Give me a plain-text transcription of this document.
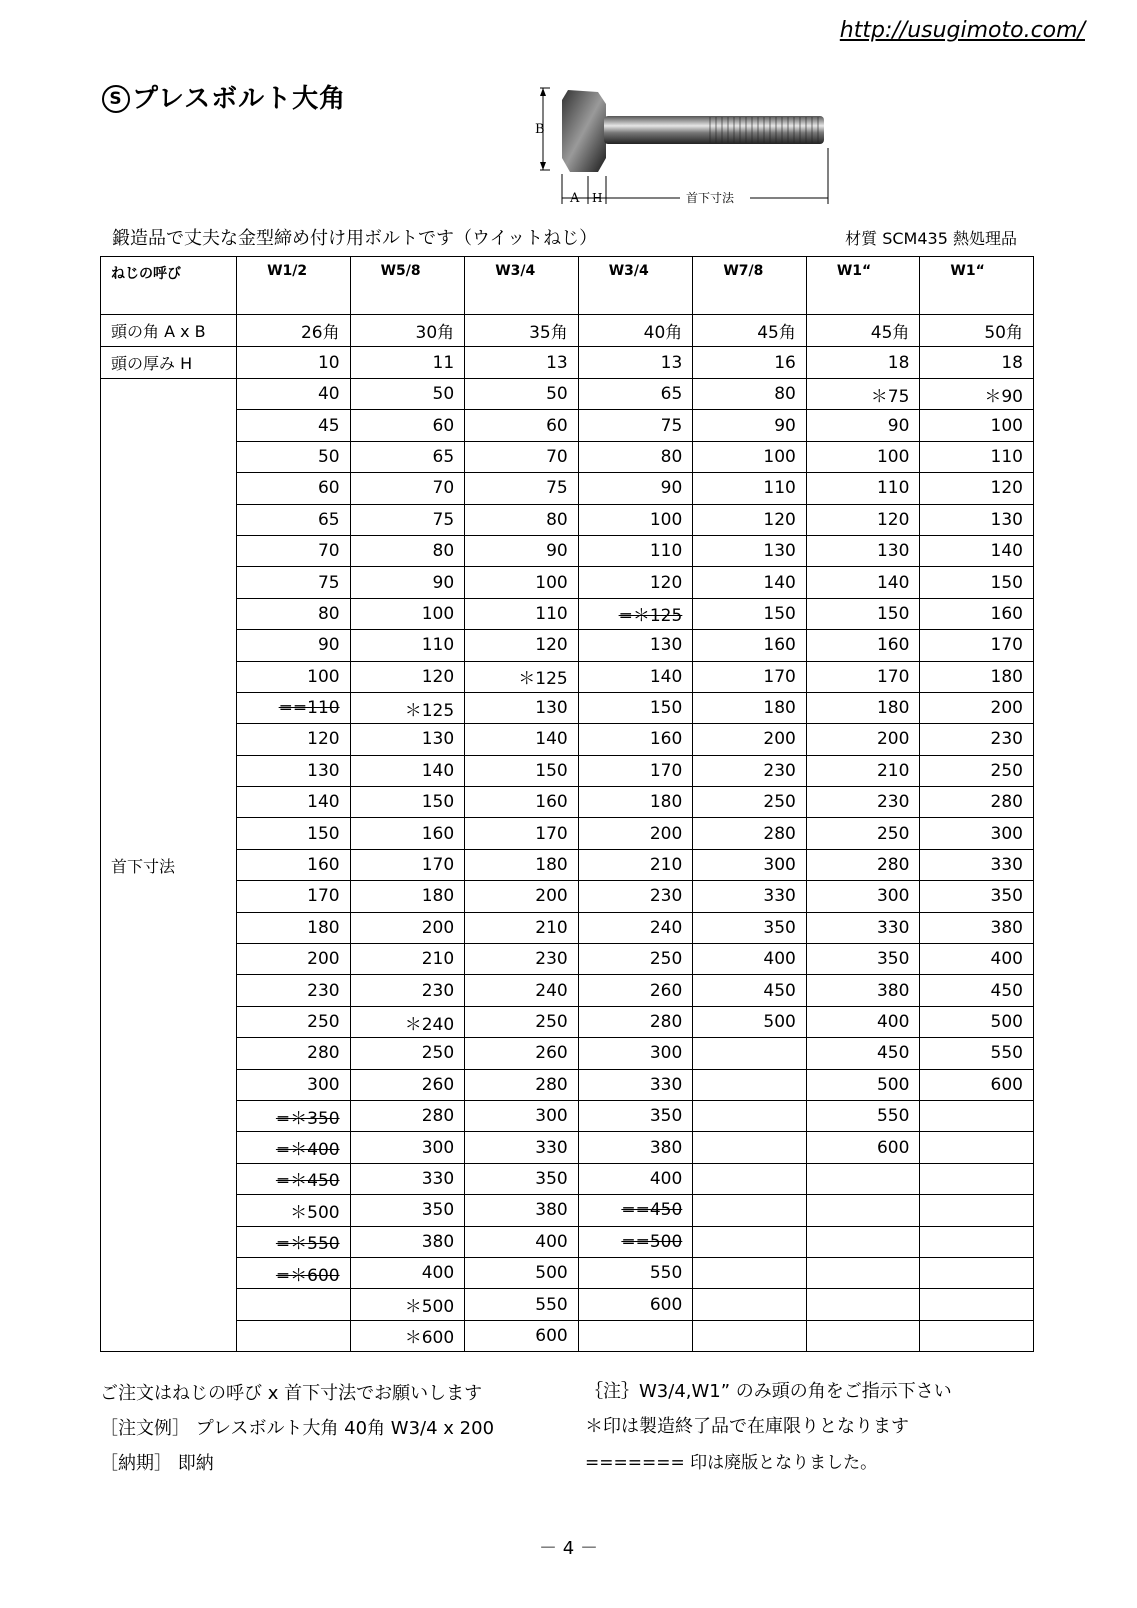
http://usugimoto.com/
S プレスボルト大角
B
A H	首下寸法
鍛造品で丈夫な金型締め付け用ボルトです（ウイットねじ）	材質 SCM435 熱処理品
ねじの呼び	W1/2	W5/8	W3/4	W3/4	W7/8	W1“	W1“
頭の角 A x B	26角	30角	35角	40角	45角	45角	50角
頭の厚み H	10	11	13	13	16	18	18
首下寸法	40	50	50	65	80	＊75	＊90
	45	60	60	75	90	90	100
	50	65	70	80	100	100	110
	60	70	75	90	110	110	120
	65	75	80	100	120	120	130
	70	80	90	110	130	130	140
	75	90	100	120	140	140	150
	80	100	110	=＊125	150	150	160
	90	110	120	130	160	160	170
	100	120	＊125	140	170	170	180
	==110	＊125	130	150	180	180	200
	120	130	140	160	200	200	230
	130	140	150	170	230	210	250
	140	150	160	180	250	230	280
	150	160	170	200	280	250	300
	160	170	180	210	300	280	330
	170	180	200	230	330	300	350
	180	200	210	240	350	330	380
	200	210	230	250	400	350	400
	230	230	240	260	450	380	450
	250	＊240	250	280	500	400	500
	280	250	260	300		450	550
	300	260	280	330		500	600
	=＊350	280	300	350		550	
	=＊400	300	330	380		600	
	=＊450	330	350	400			
	＊500	350	380	==450			
	=＊550	380	400	==500			
	=＊600	400	500	550			
		＊500	550	600			
		＊600	600				
ご注文はねじの呼び x 首下寸法でお願いします
［注文例］ プレスボルト大角 40角 W3/4 x 200
［納期］ 即納
｛注｝W3/4,W1” のみ頭の角をご指示下さい
＊印は製造終了品で在庫限りとなります
======= 印は廃版となりました。
－ 4 －
